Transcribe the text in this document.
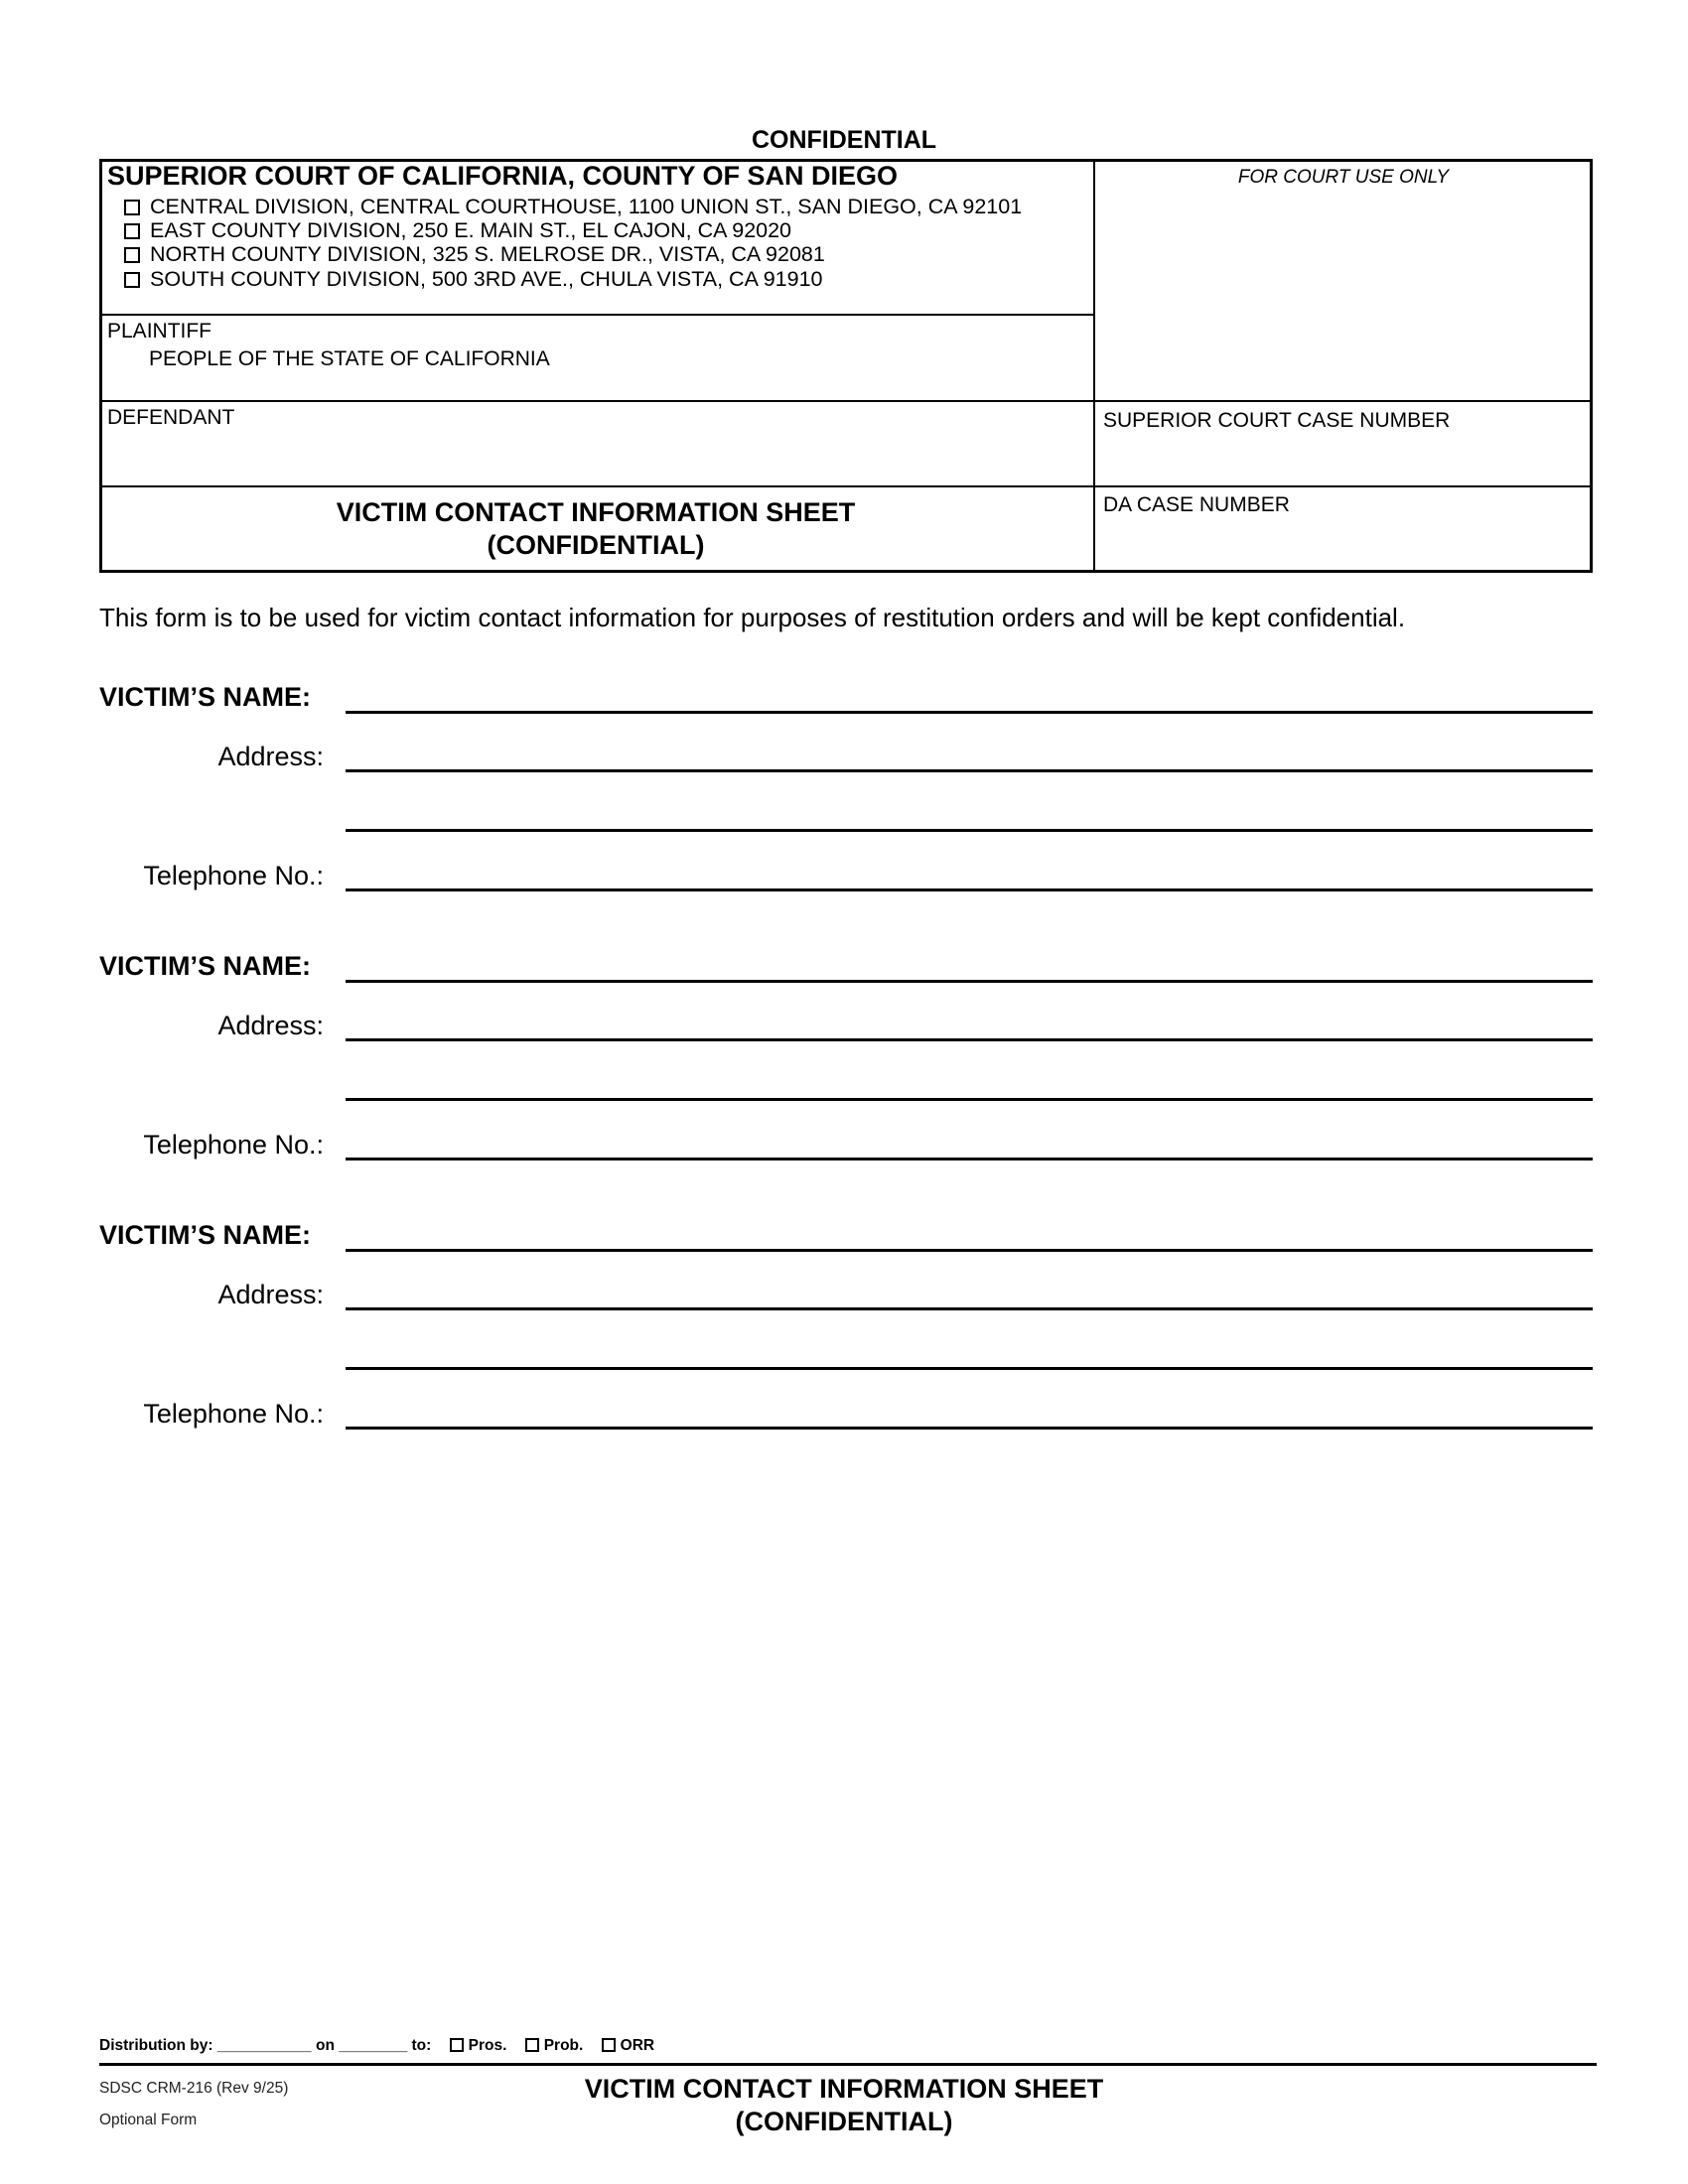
CONFIDENTIAL
SUPERIOR COURT OF CALIFORNIA, COUNTY OF SAN DIEGO
CENTRAL DIVISION, CENTRAL COURTHOUSE, 1100 UNION ST., SAN DIEGO, CA 92101
EAST COUNTY DIVISION, 250 E. MAIN ST., EL CAJON, CA 92020
NORTH COUNTY DIVISION, 325 S. MELROSE DR., VISTA, CA 92081
SOUTH COUNTY DIVISION, 500 3RD AVE., CHULA VISTA, CA 91910
FOR COURT USE ONLY
PLAINTIFF
PEOPLE OF THE STATE OF CALIFORNIA
DEFENDANT	SUPERIOR COURT CASE NUMBER
DA CASE NUMBER
VICTIM CONTACT INFORMATION SHEET
(CONFIDENTIAL)
This form is to be used for victim contact information for purposes of restitution orders and will be kept confidential.
VICTIM’S NAME:
Address:
Telephone No.:
VICTIM’S NAME:
Address:
Telephone No.:
VICTIM’S NAME:
Address:
Telephone No.:
Distribution by: ___________ on ________ to: Pros. Prob. ORR
SDSC CRM-216 (Rev 9/25)
Optional Form
VICTIM CONTACT INFORMATION SHEET
(CONFIDENTIAL)
